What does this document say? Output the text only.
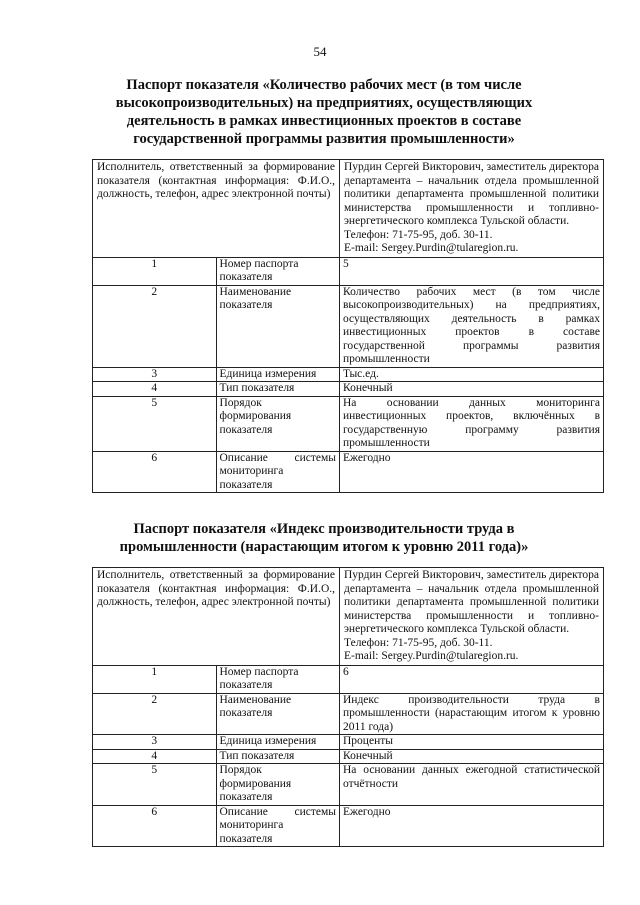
54
Паспорт показателя «Количество рабочих мест (в том числе
высокопроизводительных) на предприятиях, осуществляющих
деятельность в рамках инвестиционных проектов в составе
государственной программы развития промышленности»
Исполнитель, ответственный за формирование показателя (контактная информация: Ф.И.О., должность, телефон, адрес электронной почты)		Пурдин Сергей Викторович, заместитель директора департамента – начальник отдела промышленной политики департамента промышленной политики министерства промышленности и топливно-энергетического комплекса Тульской области.
Телефон: 71-75-95, доб. 30-11.
E-mail: Sergey.Purdin@tularegion.ru.

1	Номер паспорта показателя	5
2	Наименование показателя	Количество рабочих мест (в том числе высокопроизводительных) на предприятиях, осуществляющих деятельность в рамках инвестиционных проектов в составе государственной программы развития промышленности
3	Единица измерения	Тыс.ед.
4	Тип показателя	Конечный
5	Порядок формирования показателя	На основании данных мониторинга инвестиционных проектов, включённых в государственную программу развития промышленности
6	Описание системы мониторинга показателя	Ежегодно
Паспорт показателя «Индекс производительности труда в
промышленности (нарастающим итогом к уровню 2011 года)»
Исполнитель, ответственный за формирование показателя (контактная информация: Ф.И.О., должность, телефон, адрес электронной почты)		Пурдин Сергей Викторович, заместитель директора департамента – начальник отдела промышленной политики департамента промышленной политики министерства промышленности и топливно-энергетического комплекса Тульской области.
Телефон: 71-75-95, доб. 30-11.
E-mail: Sergey.Purdin@tularegion.ru.

1	Номер паспорта показателя	6
2	Наименование показателя	Индекс производительности труда в промышленности (нарастающим итогом к уровню 2011 года)
3	Единица измерения	Проценты
4	Тип показателя	Конечный
5	Порядок формирования показателя	На основании данных ежегодной статистической отчётности
6	Описание системы мониторинга показателя	Ежегодно
